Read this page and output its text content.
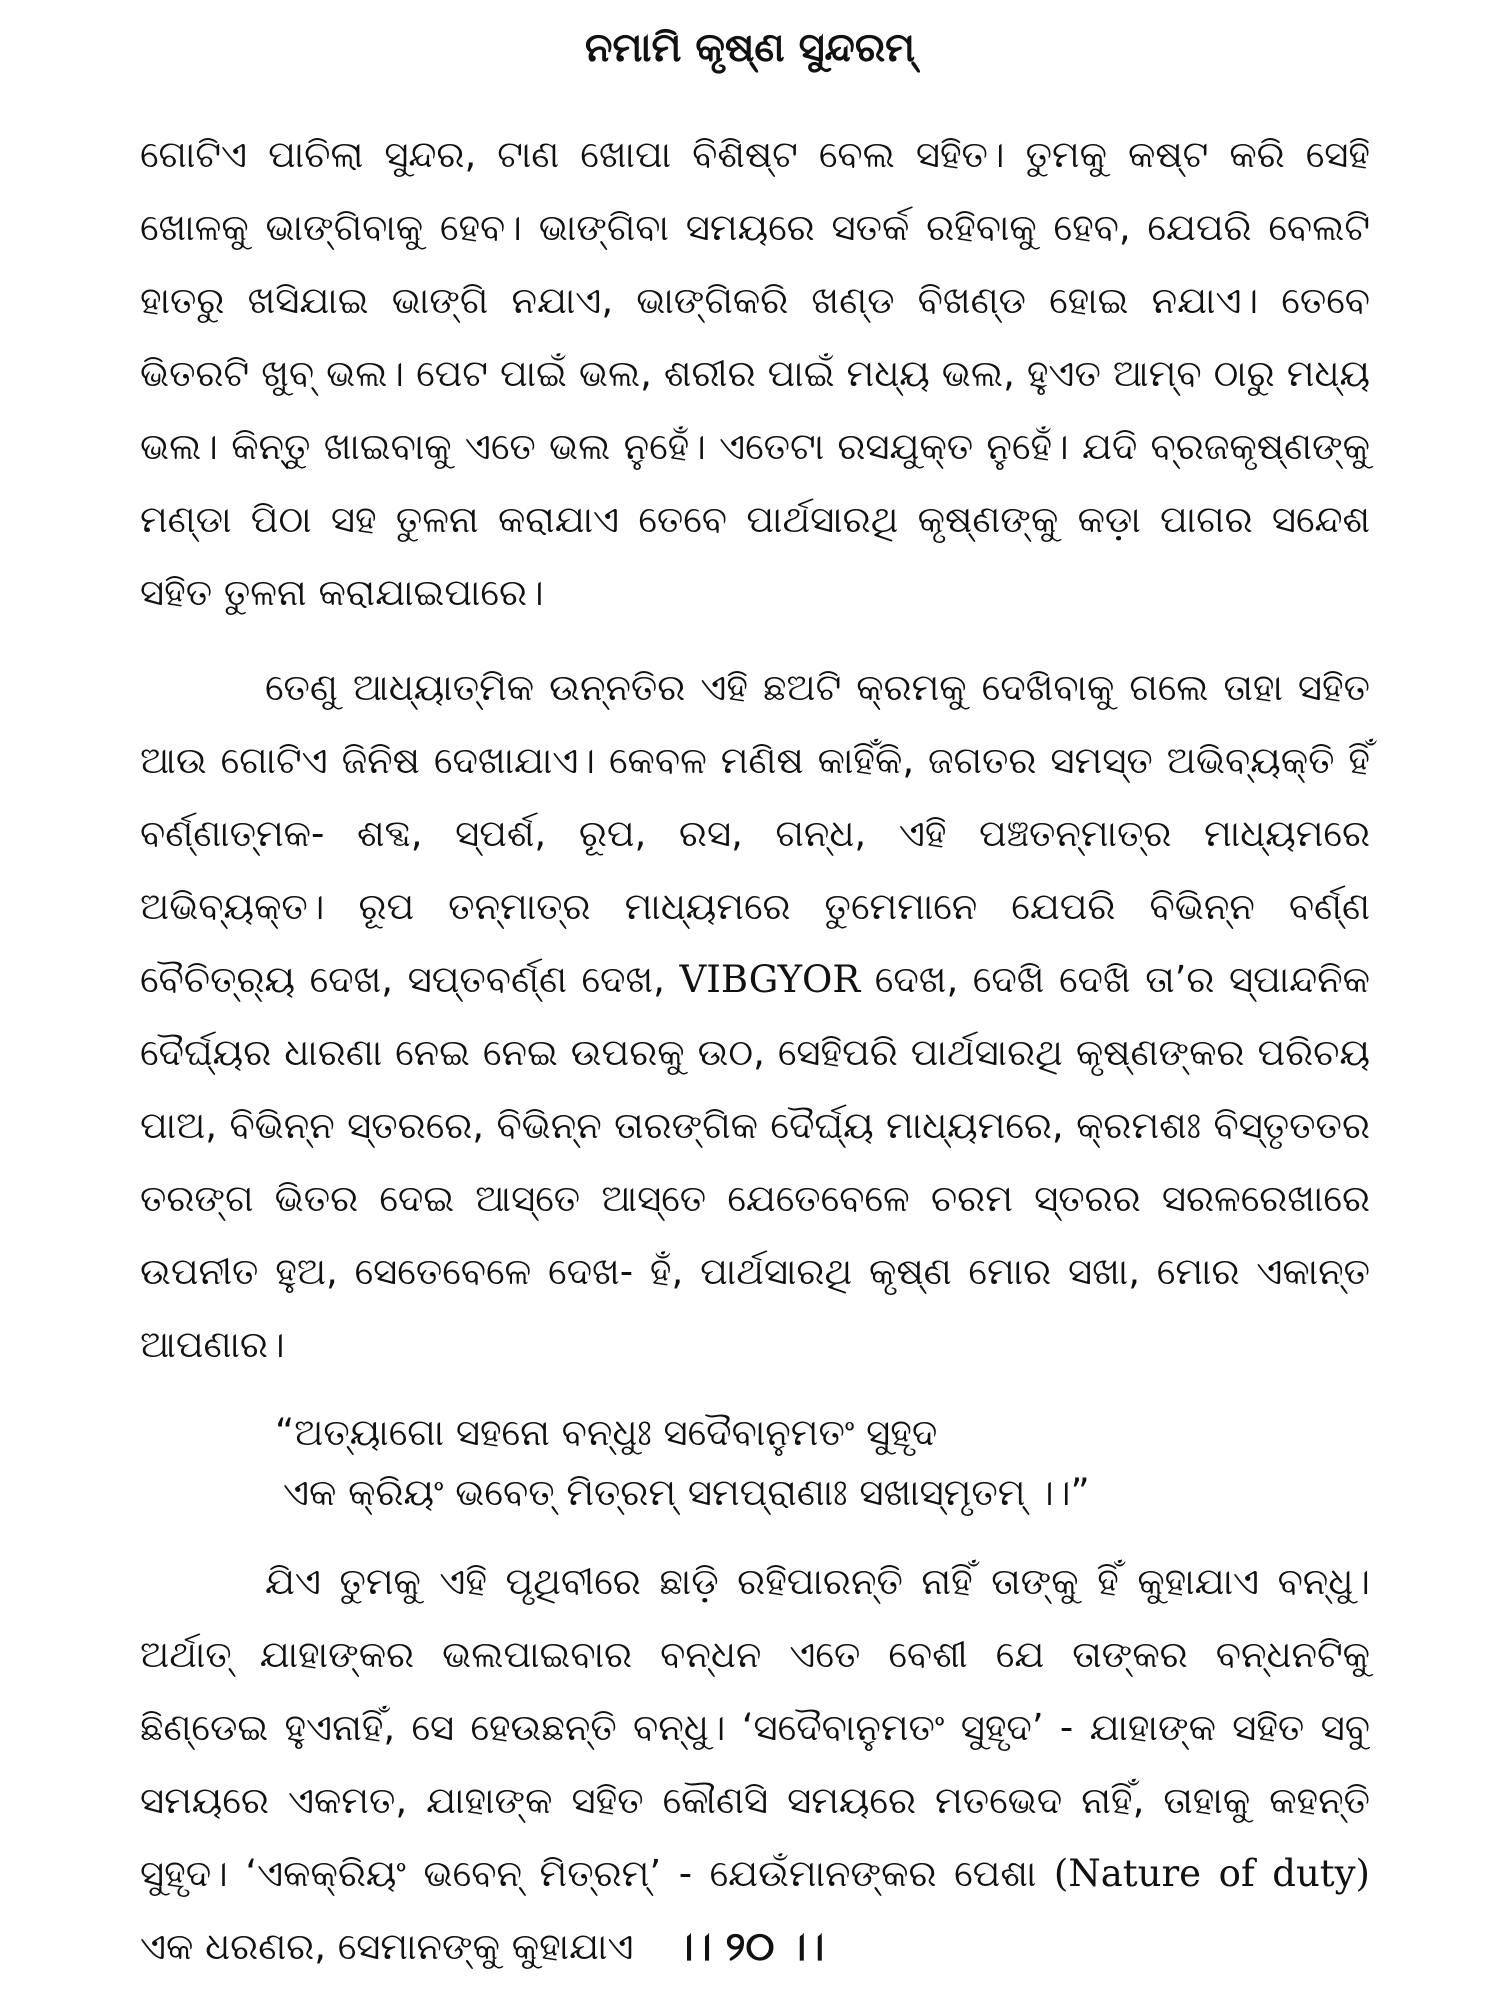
ନମାମି କୃଷ୍ଣ ସୁନ୍ଦରମ୍

ଗୋଟିଏ ପାଚିଲା ସୁନ୍ଦର, ଟାଣ ଖୋପା ବିଶିଷ୍ଟ ବେଲ ସହିତ। ତୁମକୁ କଷ୍ଟ କରି ସେହି ଖୋଳକୁ ଭାଙ୍ଗିବାକୁ ହେବ। ଭାଙ୍ଗିବା ସମୟରେ ସତର୍କ ରହିବାକୁ ହେବ, ଯେପରି ବେଲଟି ହାତରୁ ଖସିଯାଇ ଭାଙ୍ଗି ନଯାଏ, ଭାଙ୍ଗିକରି ଖଣ୍ଡ ବିଖଣ୍ଡ ହୋଇ ନଯାଏ। ତେବେ ଭିତରଟି ଖୁବ୍ ଭଲ। ପେଟ ପାଇଁ ଭଲ, ଶରୀର ପାଇଁ ମଧ୍ୟ ଭଲ, ହୁଏତ ଆମ୍ବ ଠାରୁ ମଧ୍ୟ ଭଲ। କିନ୍ତୁ ଖାଇବାକୁ ଏତେ ଭଲ ନୁହେଁ। ଏତେଟା ରସଯୁକ୍ତ ନୁହେଁ। ଯଦି ବ୍ରଜକୃଷ୍ଣଙ୍କୁ ମଣ୍ଡା ପିଠା ସହ ତୁଳନା କରାଯାଏ ତେବେ ପାର୍ଥସାରଥି କୃଷ୍ଣଙ୍କୁ କଡ଼ା ପାଗର ସନ୍ଦେଶ ସହିତ ତୁଳନା କରାଯାଇପାରେ।

ତେଣୁ ଆଧ୍ୟାତ୍ମିକ ଉନ୍ନତିର ଏହି ଛଅଟି କ୍ରମକୁ ଦେଖିବାକୁ ଗଲେ ତାହା ସହିତ ଆଉ ଗୋଟିଏ ଜିନିଷ ଦେଖାଯାଏ। କେବଳ ମଣିଷ କାହିଁକି, ଜଗତର ସମସ୍ତ ଅଭିବ୍ୟକ୍ତି ହିଁ ବର୍ଣ୍ଣାତ୍ମକ- ଶବ୍ଦ, ସ୍ପର୍ଶ, ରୂପ, ରସ, ଗନ୍ଧ, ଏହି ପଞ୍ଚତନ୍ମାତ୍ର ମାଧ୍ୟମରେ ଅଭିବ୍ୟକ୍ତ। ରୂପ ତନ୍ମାତ୍ର ମାଧ୍ୟମରେ ତୁମେମାନେ ଯେପରି ବିଭିନ୍ନ ବର୍ଣ୍ଣ ବୈଚିତ୍ର୍ୟ ଦେଖ, ସପ୍ତବର୍ଣ୍ଣ ଦେଖ, VIBGYOR ଦେଖ, ଦେଖି ଦେଖି ତା’ର ସ୍ପାନ୍ଦନିକ ଦୈର୍ଘ୍ୟର ଧାରଣା ନେଇ ନେଇ ଉପରକୁ ଉଠ, ସେହିପରି ପାର୍ଥସାରଥି କୃଷ୍ଣଙ୍କର ପରିଚୟ ପାଅ, ବିଭିନ୍ନ ସ୍ତରରେ, ବିଭିନ୍ନ ତାରଙ୍ଗିକ ଦୈର୍ଘ୍ୟ ମାଧ୍ୟମରେ, କ୍ରମଶଃ ବିସ୍ତୃତତର ତରଙ୍ଗ ଭିତର ଦେଇ ଆସ୍ତେ ଆସ୍ତେ ଯେତେବେଳେ ଚରମ ସ୍ତରର ସରଳରେଖାରେ ଉପନୀତ ହୁଅ, ସେତେବେଳେ ଦେଖ- ହଁ, ପାର୍ଥସାରଥି କୃଷ୍ଣ ମୋର ସଖା, ମୋର ଏକାନ୍ତ ଆପଣାର।

“ଅତ୍ୟାଗୋ ସହନୋ ବନ୍ଧୁଃ ସଦୈବାନୁମତଂ ସୁହୃଦ
ଏକ କ୍ରିୟଂ ଭବେତ୍ ମିତ୍ରମ୍ ସମପ୍ରାଣାଃ ସଖାସ୍ମୃତମ୍ ।।”

ଯିଏ ତୁମକୁ ଏହି ପୃଥିବୀରେ ଛାଡ଼ି ରହିପାରନ୍ତି ନାହିଁ ତାଙ୍କୁ ହିଁ କୁହାଯାଏ ବନ୍ଧୁ। ଅର୍ଥାତ୍ ଯାହାଙ୍କର ଭଲପାଇବାର ବନ୍ଧନ ଏତେ ବେଶୀ ଯେ ତାଙ୍କର ବନ୍ଧନଟିକୁ ଛିଣ୍ଡେଇ ହୁଏନାହିଁ, ସେ ହେଉଛନ୍ତି ବନ୍ଧୁ। ‘ସଦୈବାନୁମତଂ ସୁହୃଦ’ - ଯାହାଙ୍କ ସହିତ ସବୁ ସମୟରେ ଏକମତ, ଯାହାଙ୍କ ସହିତ କୌଣସି ସମୟରେ ମତଭେଦ ନାହିଁ, ତାହାକୁ କହନ୍ତି ସୁହୃଦ। ‘ଏକକ୍ରିୟଂ ଭବେନ୍ ମିତ୍ରମ୍’ - ଯେଉଁମାନଙ୍କର ପେଶା (Nature of duty) ଏକ ଧରଣର, ସେମାନଙ୍କୁ କୁହାଯାଏ	।। ୨୦ ।।
